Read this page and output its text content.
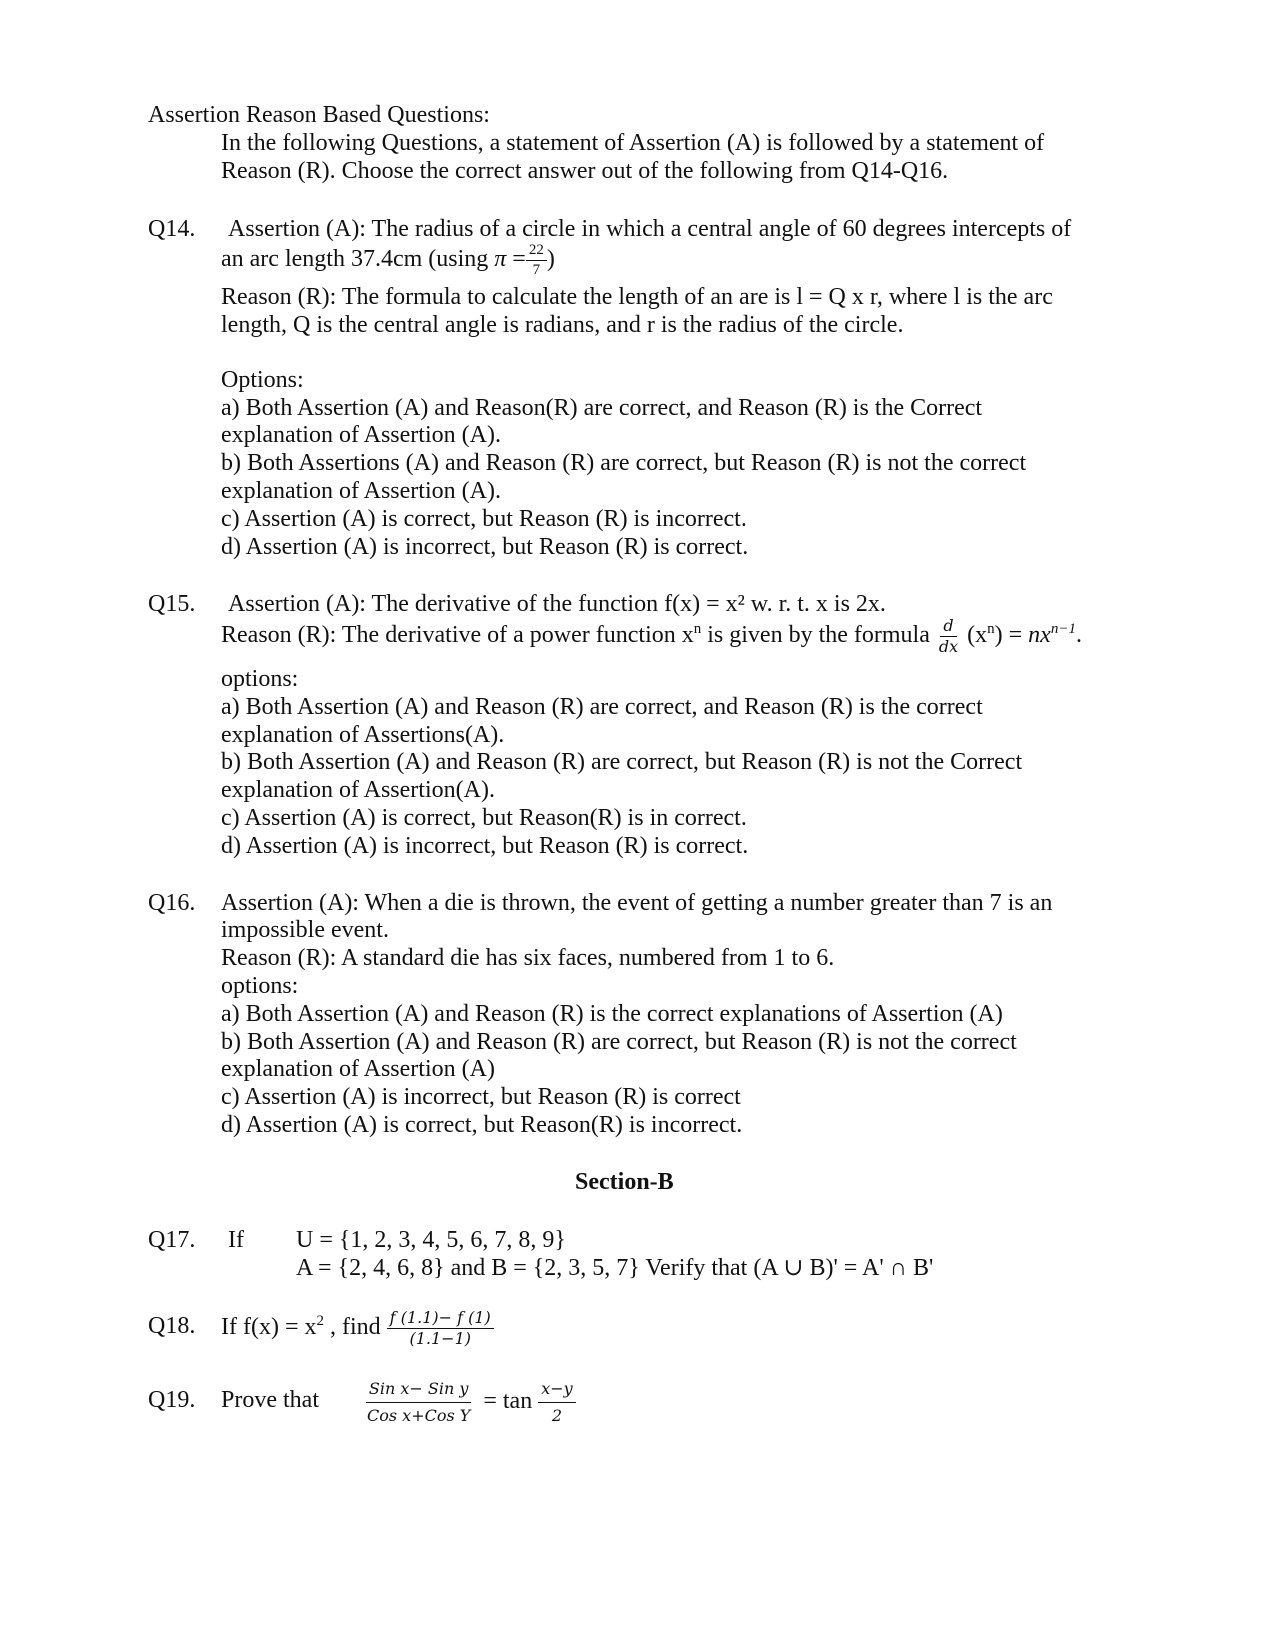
Assertion Reason Based Questions:
In the following Questions, a statement of Assertion (A) is followed by a statement of
Reason (R). Choose the correct answer out of the following from Q14-Q16.
Q14. Assertion (A): The radius of a circle in which a central angle of 60 degrees intercepts of
an arc length 37.4cm (using $\pi = \frac{22}{7}$ )
Reason (R): The formula to calculate the length of an are is l = Q x r, where l is the arc
length, Q is the central angle is radians, and r is the radius of the circle.
Options:
a) Both Assertion (A) and Reason(R) are correct, and Reason (R) is the Correct
explanation of Assertion (A).
b) Both Assertions (A) and Reason (R) are correct, but Reason (R) is not the correct
explanation of Assertion (A).
c) Assertion (A) is correct, but Reason (R) is incorrect.
d) Assertion (A) is incorrect, but Reason (R) is correct.
Q15. Assertion (A): The derivative of the function f(x) = x² w. r. t. x is 2x.
Reason (R): The derivative of a power function $x^n$ is given by the formula $\frac{d}{dx} (x^n) = nx^{n-1}$.
options:
a) Both Assertion (A) and Reason (R) are correct, and Reason (R) is the correct
explanation of Assertions(A).
b) Both Assertion (A) and Reason (R) are correct, but Reason (R) is not the Correct
explanation of Assertion(A).
c) Assertion (A) is correct, but Reason(R) is in correct.
d) Assertion (A) is incorrect, but Reason (R) is correct.
Q16. Assertion (A): When a die is thrown, the event of getting a number greater than 7 is an
impossible event.
Reason (R): A standard die has six faces, numbered from 1 to 6.
options:
a) Both Assertion (A) and Reason (R) is the correct explanations of Assertion (A)
b) Both Assertion (A) and Reason (R) are correct, but Reason (R) is not the correct
explanation of Assertion (A)
c) Assertion (A) is incorrect, but Reason (R) is correct
d) Assertion (A) is correct, but Reason(R) is incorrect.
Section-B
Q17. If U = {1, 2, 3, 4, 5, 6, 7, 8, 9}
A = {2, 4, 6, 8} and B = {2, 3, 5, 7} Verify that (A ∪ B)' = A' ∩ B'
Q18. If $f(x) = x^2$ , find $\frac{f (1.1)- f (1)}{(1.1-1)}$
Q19. Prove that	$\frac{\text{Sin x− Sin y}}{\text{Cos x+Cos Y}} = \tan \frac{x-y}{2}$
